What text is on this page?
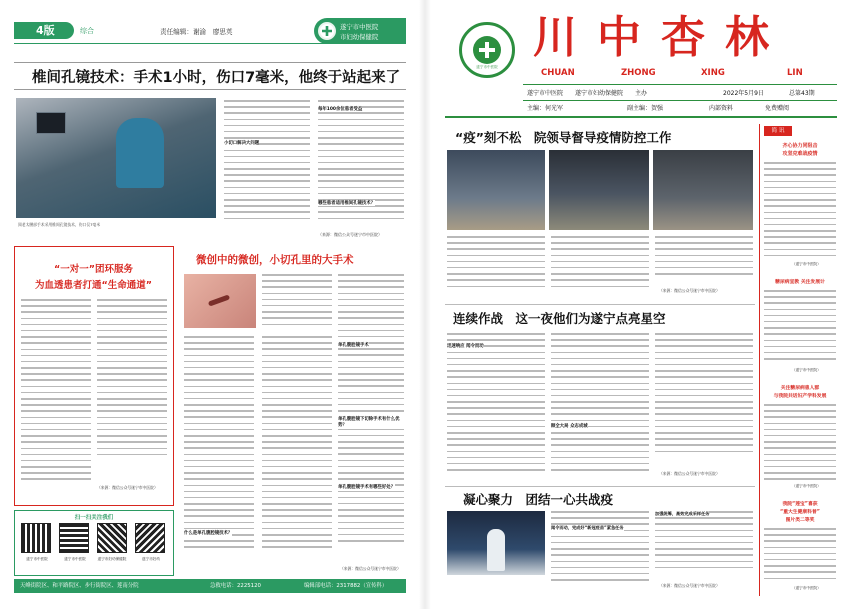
4版	综合	责任编辑：谢渝　廖思英
遂宁市中医院
市妇幼保健院
椎间孔镜技术：手术1小时，伤口7毫米，他终于站起来了
阅老太腰部手术采用椎间孔镜技术，伤口仅7毫米
小切口解决大问题
每年100余位患者受益
哪些患者适用椎间孔镜技术？
（来源：微信公众号遂宁市中医院）
“一对一”团环服务
为血透患者打通“生命通道”
（来源：微信公众号遂宁市中医院）
微创中的微创，小切孔里的大手术
单孔腹腔镜手术
单孔腹腔镜下切除手术有什么优势？
单孔腹腔镜手术有哪些好处？
什么是单孔腹腔镜技术？
（来源：微信公众号遂宁市中医院）
扫一扫关注我们
遂宁市中医院	遂宁市中医院	遂宁市妇幼保健院	遂宁市妇幼
天峰街院区、和平路院区、步行街院区、莲南分院	急救电话：2225120	编辑部电话：2317882（宣传科）
遂宁市中医院
川中杏林
CHUAN	ZHONG	XING	LIN
遂宁市中医院　　遂宁市妇幼保健院　　主办	2022年5月9日	总第43期
主编：何光军	副主编：贺强	内部资料	免费赠阅
“疫”刻不松　院领导督导疫情防控工作
（来源：微信公众号遂宁市中医院）
连续作战　这一夜他们为遂宁点亮星空
迅速响应 闻令而动
顾全大局 众志成城
（来源：微信公众号遂宁市中医院）
凝心聚力　团结一心共战疫
闻令而动，完成好“新冠疫苗”紧急任务
加强统筹，高效完成采样任务
（来源：微信公众号遂宁市中医院）
简 讯
齐心协力同阻击
攻坚克难战疫情
（遂宁市中医院）
糖尿病宣教 关注发展计
（遂宁市中医院）
关注糖尿病患人群
与我院共话妇产学科发展
（遂宁市中医院）
我院“莲宝”喜获
“重大生健康科普”
图片类二等奖
（遂宁市中医院）
